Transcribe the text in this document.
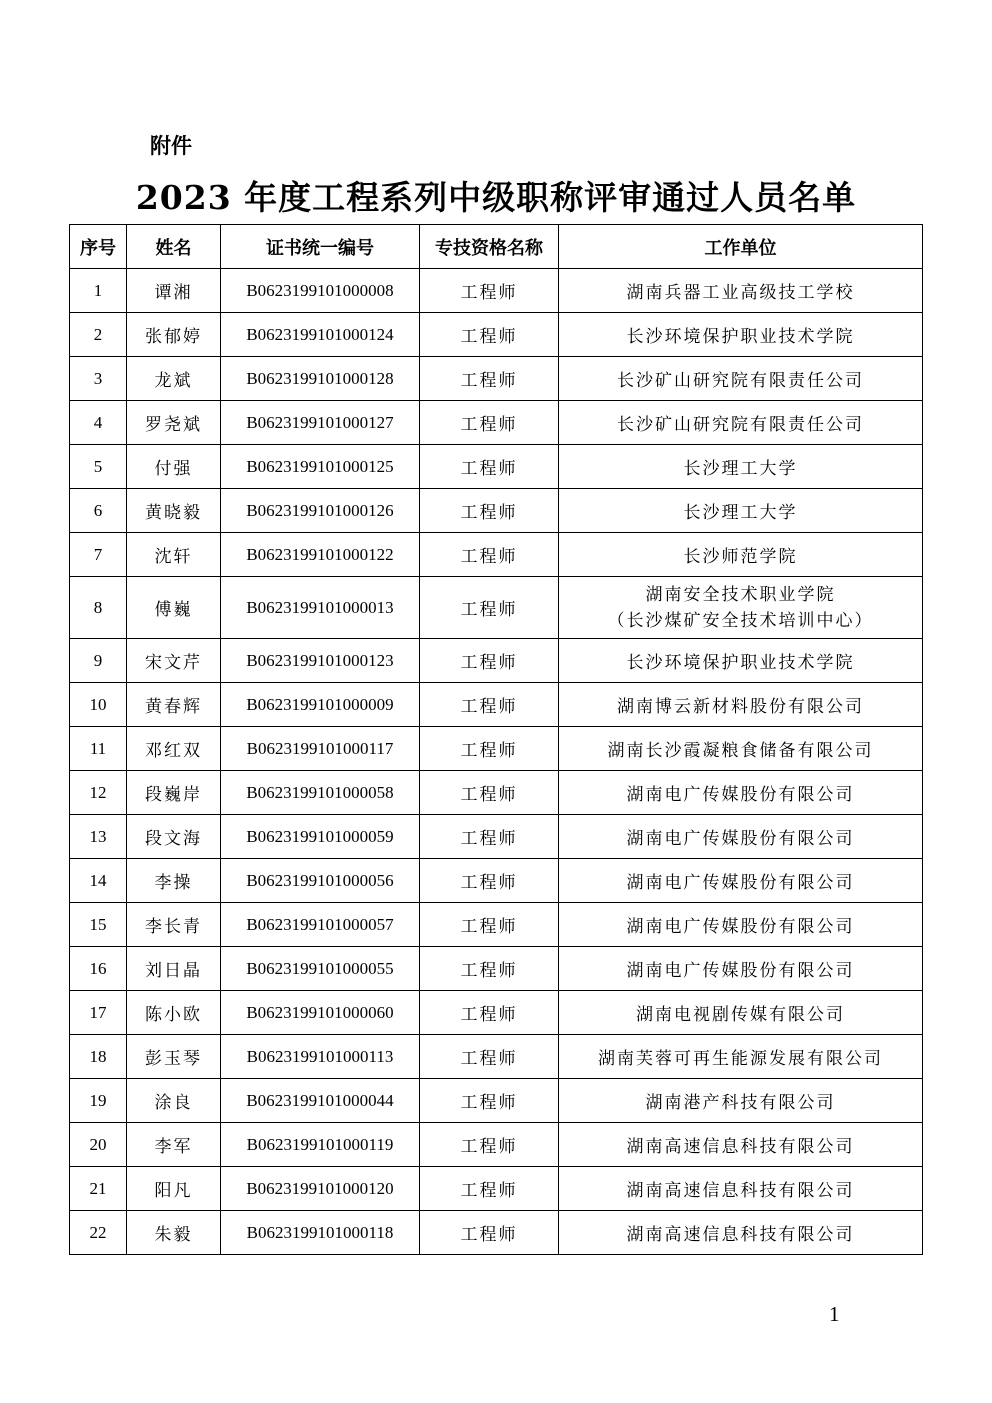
附件
2023 年度工程系列中级职称评审通过人员名单
序号	姓名	证书统一编号	专技资格名称	工作单位
1	谭湘	B0623199101000008	工程师	湖南兵器工业高级技工学校
2	张郁婷	B0623199101000124	工程师	长沙环境保护职业技术学院
3	龙斌	B0623199101000128	工程师	长沙矿山研究院有限责任公司
4	罗尧斌	B0623199101000127	工程师	长沙矿山研究院有限责任公司
5	付强	B0623199101000125	工程师	长沙理工大学
6	黄晓毅	B0623199101000126	工程师	长沙理工大学
7	沈轩	B0623199101000122	工程师	长沙师范学院
8	傅巍	B0623199101000013	工程师	湖南安全技术职业学院
（长沙煤矿安全技术培训中心）

9	宋文芹	B0623199101000123	工程师	长沙环境保护职业技术学院
10	黄春辉	B0623199101000009	工程师	湖南博云新材料股份有限公司
11	邓红双	B0623199101000117	工程师	湖南长沙霞凝粮食储备有限公司
12	段巍岸	B0623199101000058	工程师	湖南电广传媒股份有限公司
13	段文海	B0623199101000059	工程师	湖南电广传媒股份有限公司
14	李操	B0623199101000056	工程师	湖南电广传媒股份有限公司
15	李长青	B0623199101000057	工程师	湖南电广传媒股份有限公司
16	刘日晶	B0623199101000055	工程师	湖南电广传媒股份有限公司
17	陈小欧	B0623199101000060	工程师	湖南电视剧传媒有限公司
18	彭玉琴	B0623199101000113	工程师	湖南芙蓉可再生能源发展有限公司
19	涂良	B0623199101000044	工程师	湖南港产科技有限公司
20	李军	B0623199101000119	工程师	湖南高速信息科技有限公司
21	阳凡	B0623199101000120	工程师	湖南高速信息科技有限公司
22	朱毅	B0623199101000118	工程师	湖南高速信息科技有限公司
1
